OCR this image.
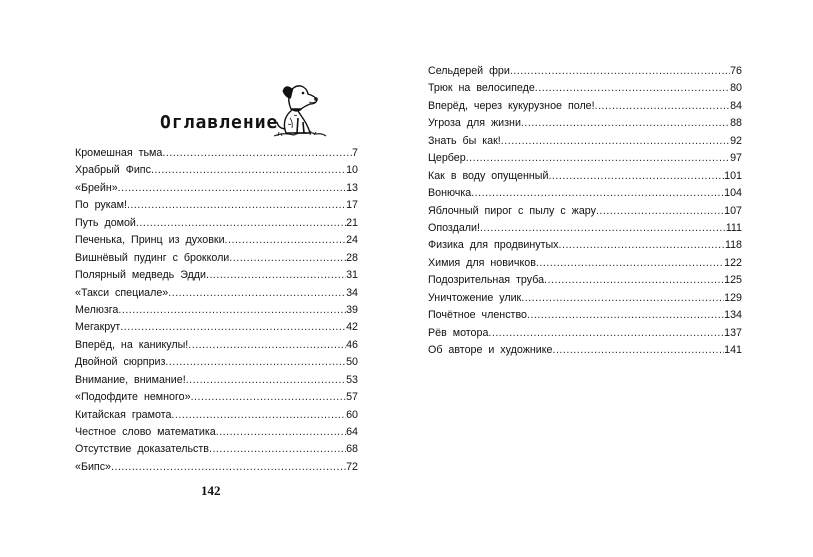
Оглавление
Кромешная тьма .....	7
Храбрый Фипс .....	10
«Брейн» .....	13
По рукам! .....	17
Путь домой .....	21
Печенька, Принц из духовки .....	24
Вишнёвый пудинг с брокколи .....	28
Полярный медведь Эдди .....	31
«Такси специале» .....	34
Мелюзга .....	39
Мегакрут .....	42
Вперёд, на каникулы! .....	46
Двойной сюрприз .....	50
Внимание, внимание! .....	53
«Подофдите немного» .....	57
Китайская грамота .....	60
Честное слово математика .....	64
Отсутствие доказательств .....	68
«Бипс» .....	72
142
Сельдерей фри .....	76
Трюк на велосипеде .....	80
Вперёд, через кукурузное поле! .....	84
Угроза для жизни .....	88
Знать бы как! .....	92
Цербер .....	97
Как в воду опущенный .....	101
Вонючка .....	104
Яблочный пирог с пылу с жару .....	107
Опоздали! .....	111
Физика для продвинутых .....	118
Химия для новичков .....	122
Подозрительная труба .....	125
Уничтожение улик .....	129
Почётное членство .....	134
Рёв мотора .....	137
Об авторе и художнике .....	141
